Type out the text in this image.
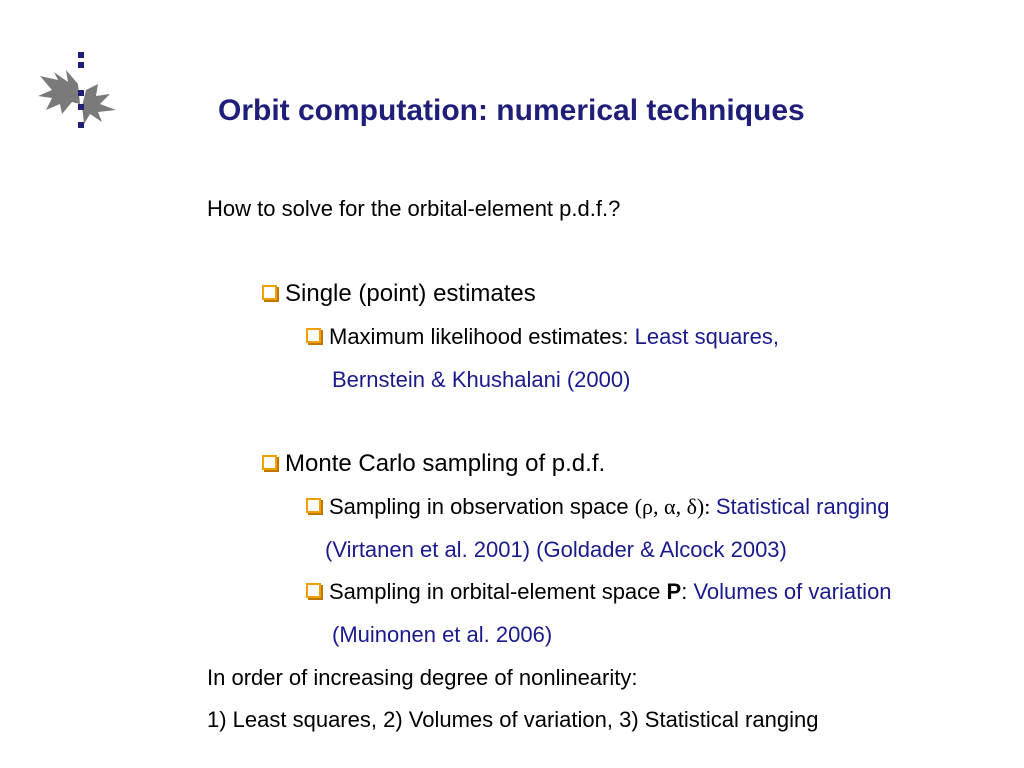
Orbit computation: numerical techniques
How to solve for the orbital-element p.d.f.?
Single (point) estimates
Maximum likelihood estimates: Least squares,
Bernstein & Khushalani (2000)
Monte Carlo sampling of p.d.f.
Sampling in observation space (ρ, α, δ): Statistical ranging
(Virtanen et al. 2001) (Goldader & Alcock 2003)
Sampling in orbital-element space P: Volumes of variation
(Muinonen et al. 2006)
In order of increasing degree of nonlinearity:
1) Least squares, 2) Volumes of variation, 3) Statistical ranging
